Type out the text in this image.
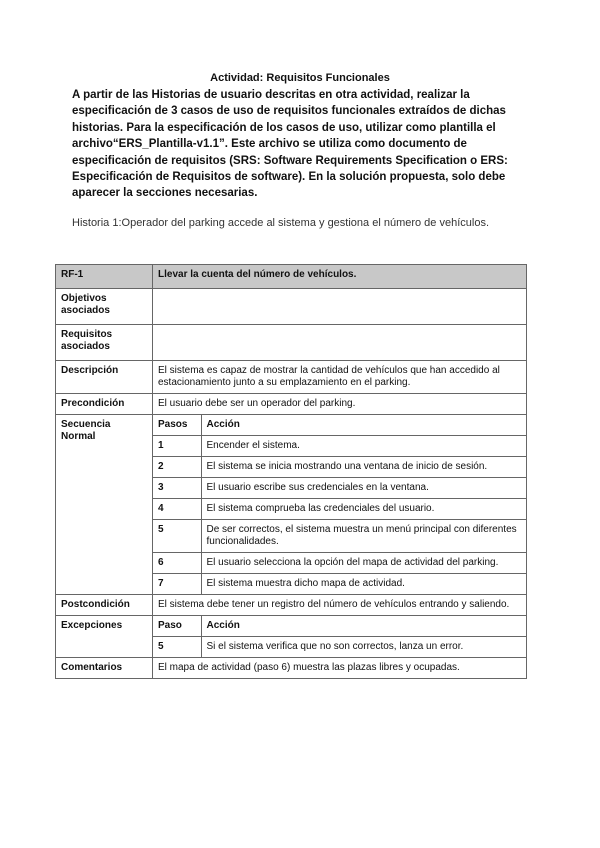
Actividad: Requisitos Funcionales
A partir de las Historias de usuario descritas en otra actividad, realizar la especificación de 3 casos de uso de requisitos funcionales extraídos de dichas historias. Para la especificación de los casos de uso, utilizar como plantilla el archivo“ERS_Plantilla-v1.1”. Este archivo se utiliza como documento de especificación de requisitos (SRS: Software Requirements Specification o ERS: Especificación de Requisitos de software). En la solución propuesta, solo debe aparecer la secciones necesarias.
Historia 1:Operador del parking accede al sistema y gestiona el número de vehículos.
RF-1	Llevar la cuenta del número de vehículos.
Objetivos asociados	
Requisitos asociados	
Descripción	El sistema es capaz de mostrar la cantidad de vehículos que han accedido al estacionamiento junto a su emplazamiento en el parking.
Precondición	El usuario debe ser un operador del parking.
Secuencia Normal	
Pasos	Acción
1	Encender el sistema.
2	El sistema se inicia mostrando una ventana de inicio de sesión.
3	El usuario escribe sus credenciales en la ventana.
4	El sistema comprueba las credenciales del usuario.
5	De ser correctos, el sistema muestra un menú principal con diferentes funcionalidades.
6	El usuario selecciona la opción del mapa de actividad del parking.
7	El sistema muestra dicho mapa de actividad.

Postcondición	El sistema debe tener un registro del número de vehículos entrando y saliendo.
Excepciones		Paso	Acción
5	Si el sistema verifica que no son correctos, lanza un error.

Comentarios	El mapa de actividad (paso 6) muestra las plazas libres y ocupadas.
